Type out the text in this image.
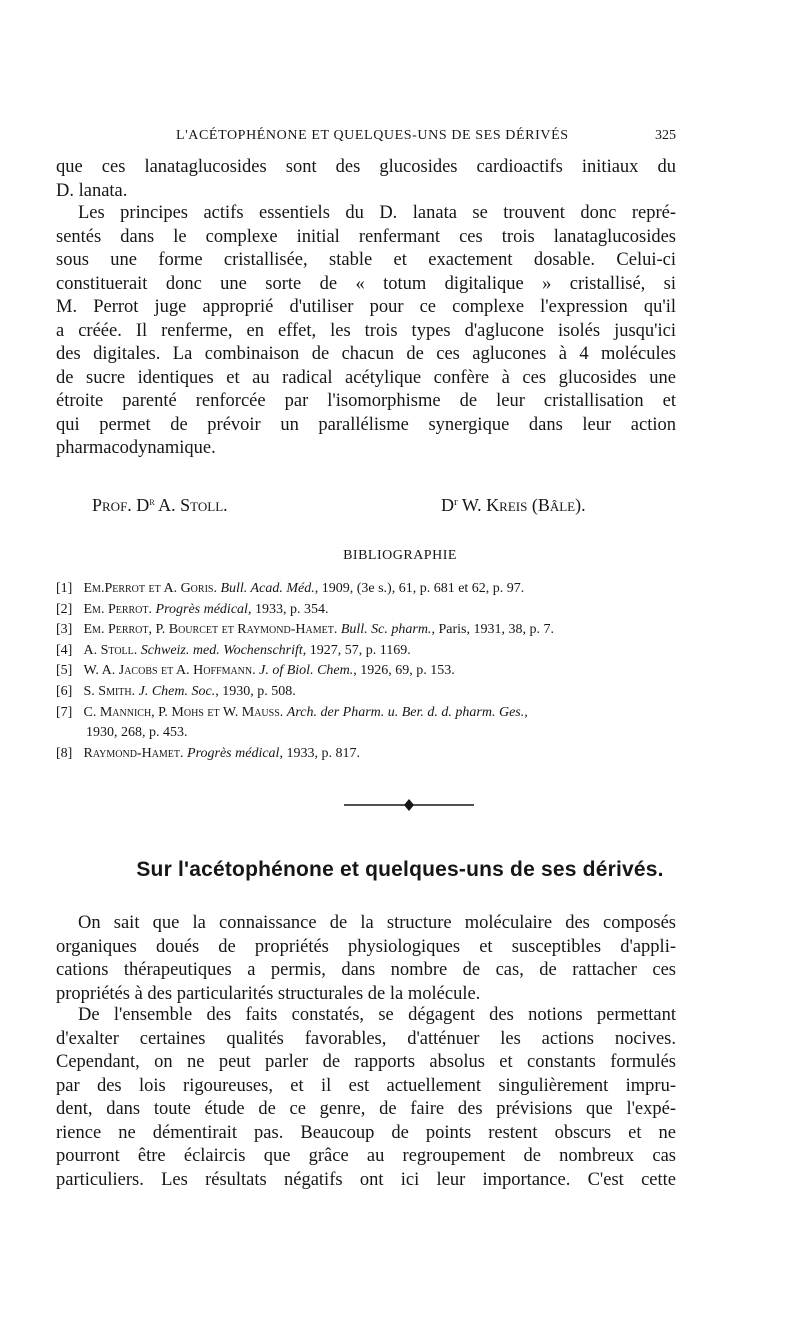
L'ACÉTOPHÉNONE ET QUELQUES-UNS DE SES DÉRIVÉS	325
que ces lanataglucosides sont des glucosides cardioactifs initiaux du
D. lanata.
Les principes actifs essentiels du D. lanata se trouvent donc repré-
sentés dans le complexe initial renfermant ces trois lanataglucosides
sous une forme cristallisée, stable et exactement dosable. Celui-ci
constituerait donc une sorte de « totum digitalique » cristallisé, si
M. Perrot juge approprié d'utiliser pour ce complexe l'expression qu'il
a créée. Il renferme, en effet, les trois types d'aglucone isolés jusqu'ici
des digitales. La combinaison de chacun de ces aglucones à 4 molécules
de sucre identiques et au radical acétylique confère à ces glucosides une
étroite parenté renforcée par l'isomorphisme de leur cristallisation et
qui permet de prévoir un parallélisme synergique dans leur action
pharmacodynamique.
Prof. $D^r$ A. Stoll.	$D^r$ W. Kreis (Bâle).
BIBLIOGRAPHIE
[1] Em.Perrot et A. Goris. Bull. Acad. Méd., 1909, (3e s.), 61, p. 681 et 62, p. 97.
[2] Em. Perrot. Progrès médical, 1933, p. 354.
[3] Em. Perrot, P. Bourcet et Raymond-Hamet. Bull. Sc. pharm., Paris, 1931, 38, p. 7.
[4] A. Stoll. Schweiz. med. Wochenschrift, 1927, 57, p. 1169.
[5] W. A. Jacobs et A. Hoffmann. J. of Biol. Chem., 1926, 69, p. 153.
[6] S. Smith. J. Chem. Soc., 1930, p. 508.
[7] C. Mannich, P. Mohs et W. Mauss. Arch. der Pharm. u. Ber. d. d. pharm. Ges.,
1930, 268, p. 453.
[8] Raymond-Hamet. Progrès médical, 1933, p. 817.
Sur l'acétophénone et quelques-uns de ses dérivés.
On sait que la connaissance de la structure moléculaire des composés
organiques doués de propriétés physiologiques et susceptibles d'appli-
cations thérapeutiques a permis, dans nombre de cas, de rattacher ces
propriétés à des particularités structurales de la molécule.
De l'ensemble des faits constatés, se dégagent des notions permettant
d'exalter certaines qualités favorables, d'atténuer les actions nocives.
Cependant, on ne peut parler de rapports absolus et constants formulés
par des lois rigoureuses, et il est actuellement singulièrement impru-
dent, dans toute étude de ce genre, de faire des prévisions que l'expé-
rience ne démentirait pas. Beaucoup de points restent obscurs et ne
pourront être éclaircis que grâce au regroupement de nombreux cas
particuliers. Les résultats négatifs ont ici leur importance. C'est cette
